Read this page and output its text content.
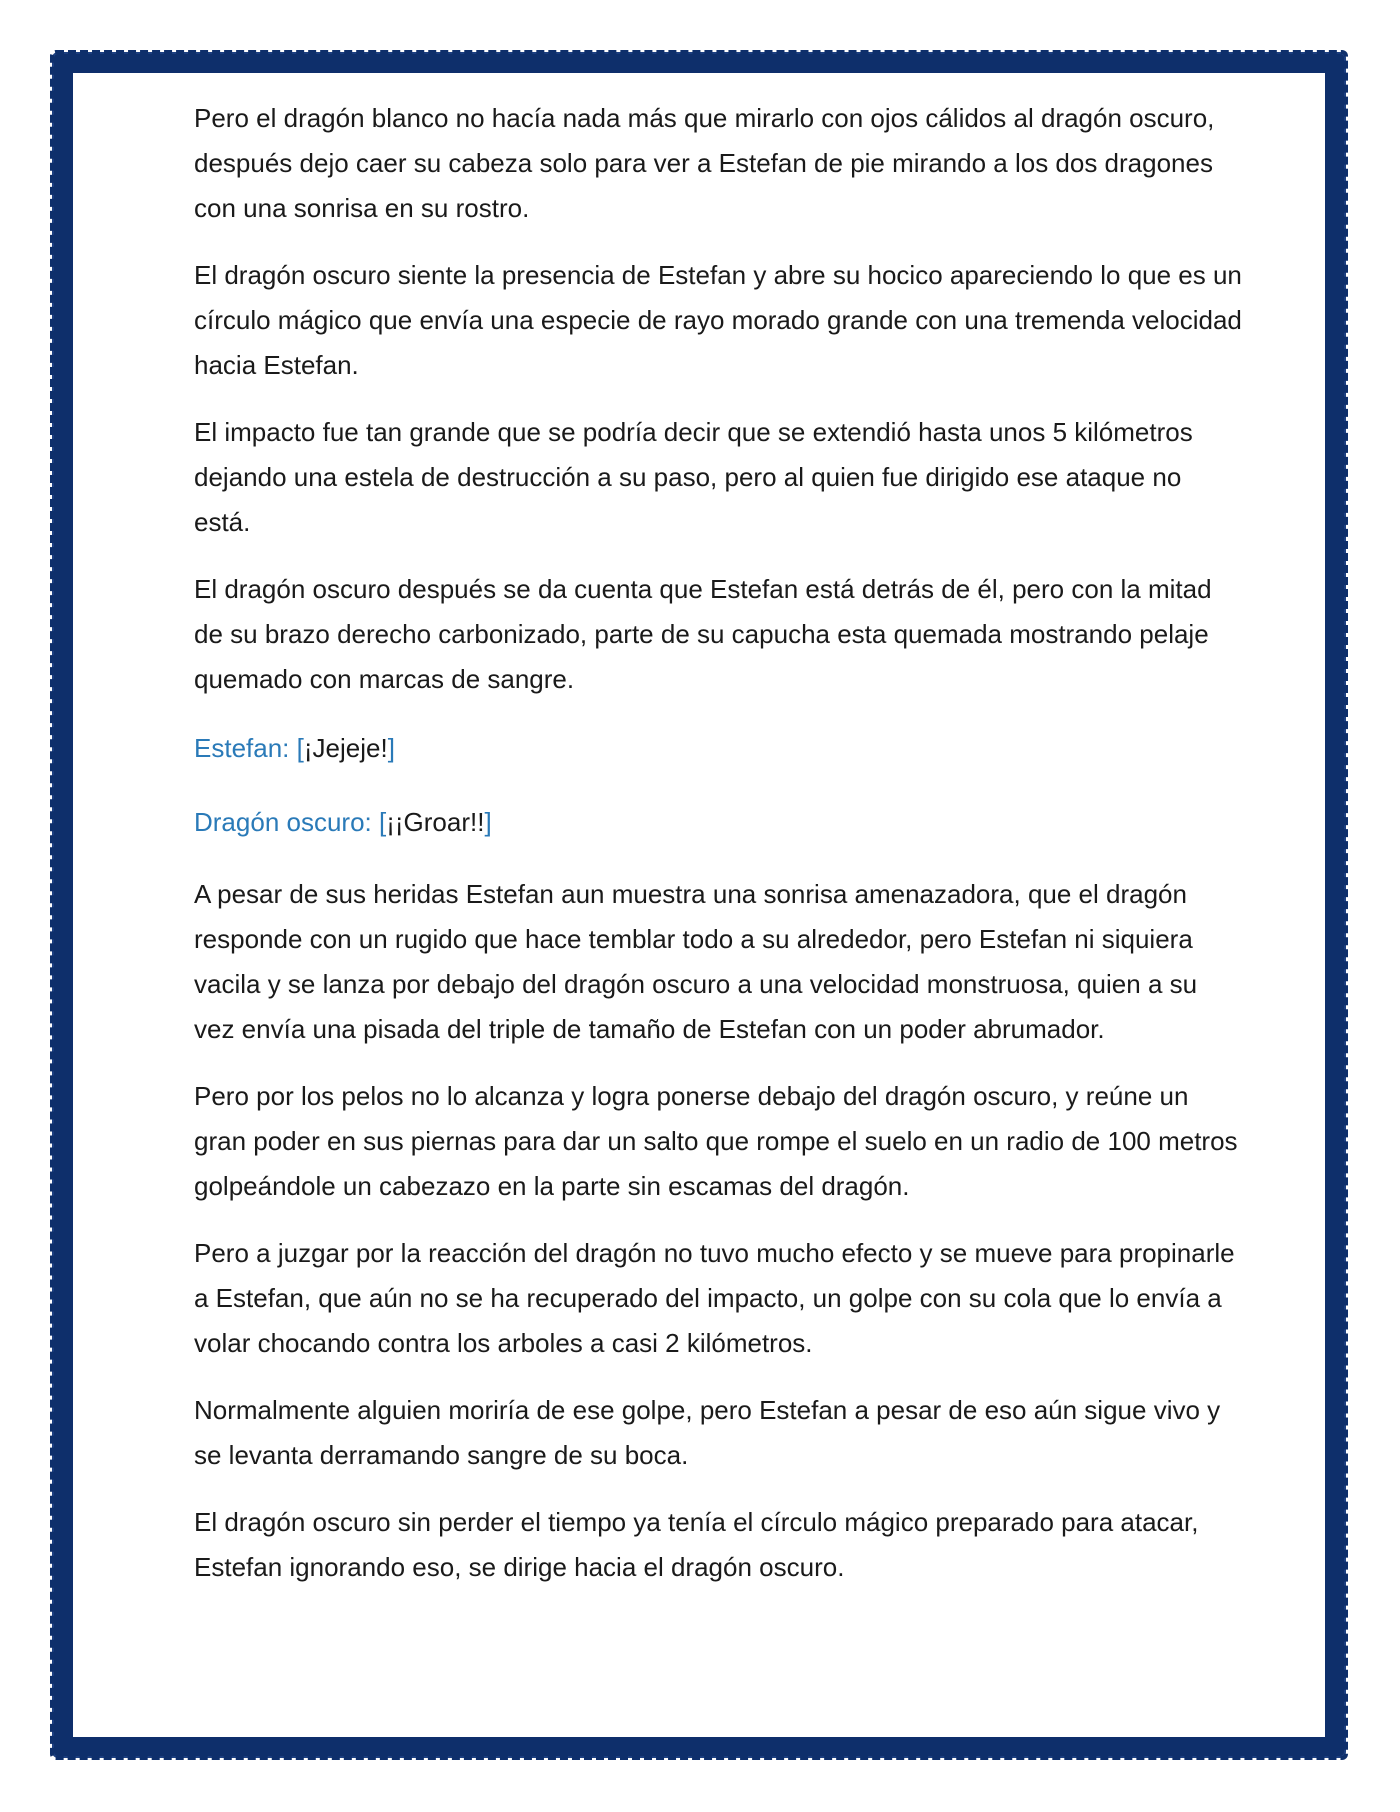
Pero el dragón blanco no hacía nada más que mirarlo con ojos cálidos al dragón oscuro, después dejo caer su cabeza solo para ver a Estefan de pie mirando a los dos dragones con una sonrisa en su rostro.

El dragón oscuro siente la presencia de Estefan y abre su hocico apareciendo lo que es un círculo mágico que envía una especie de rayo morado grande con una tremenda velocidad hacia Estefan.

El impacto fue tan grande que se podría decir que se extendió hasta unos 5 kilómetros dejando una estela de destrucción a su paso, pero al quien fue dirigido ese ataque no está.

El dragón oscuro después se da cuenta que Estefan está detrás de él, pero con la mitad de su brazo derecho carbonizado, parte de su capucha esta quemada mostrando pelaje quemado con marcas de sangre.

Estefan: [¡Jejeje!]

Dragón oscuro: [¡¡Groar!!]

A pesar de sus heridas Estefan aun muestra una sonrisa amenazadora, que el dragón responde con un rugido que hace temblar todo a su alrededor, pero Estefan ni siquiera vacila y se lanza por debajo del dragón oscuro a una velocidad monstruosa, quien a su vez envía una pisada del triple de tamaño de Estefan con un poder abrumador.

Pero por los pelos no lo alcanza y logra ponerse debajo del dragón oscuro, y reúne un gran poder en sus piernas para dar un salto que rompe el suelo en un radio de 100 metros golpeándole un cabezazo en la parte sin escamas del dragón.

Pero a juzgar por la reacción del dragón no tuvo mucho efecto y se mueve para propinarle a Estefan, que aún no se ha recuperado del impacto, un golpe con su cola que lo envía a volar chocando contra los arboles a casi 2 kilómetros.

Normalmente alguien moriría de ese golpe, pero Estefan a pesar de eso aún sigue vivo y se levanta derramando sangre de su boca.

El dragón oscuro sin perder el tiempo ya tenía el círculo mágico preparado para atacar, Estefan ignorando eso, se dirige hacia el dragón oscuro.
